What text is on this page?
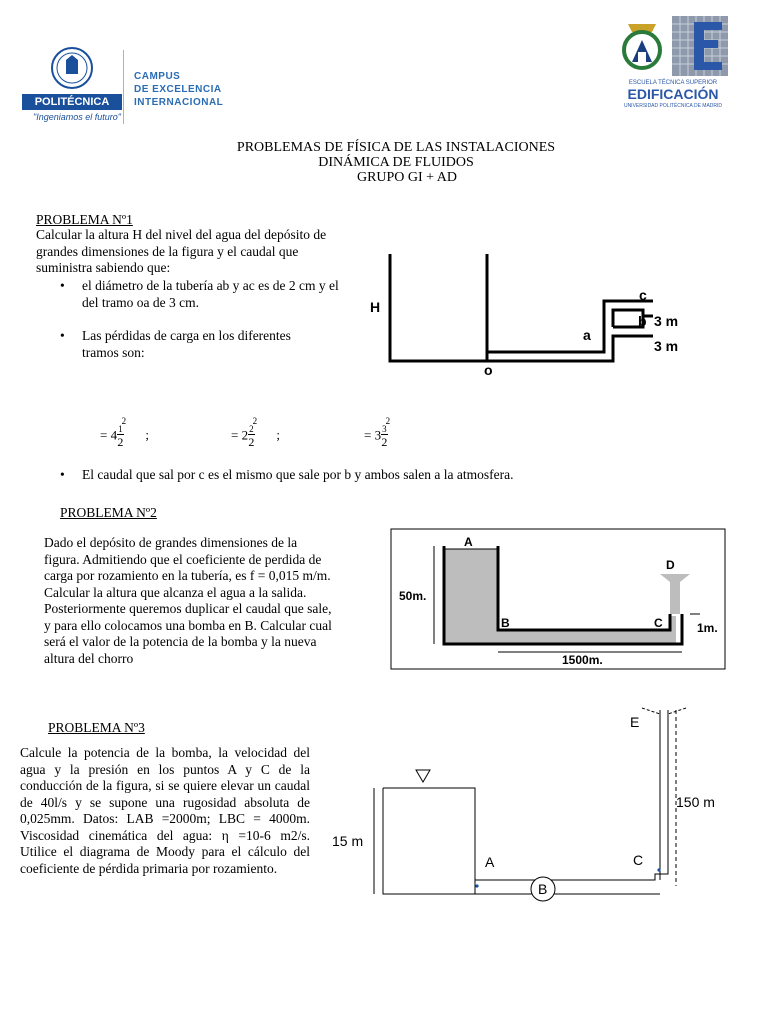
POLITÉCNICA
"Ingeniamos el futuro"
CAMPUS
DE EXCELENCIA
INTERNACIONAL
ESCUELA TÉCNICA SUPERIOR
EDIFICACIÓN
UNIVERSIDAD POLITÉCNICA DE MADRID
PROBLEMAS DE FÍSICA DE LAS INSTALACIONES
DINÁMICA DE FLUIDOS
GRUPO GI + AD
PROBLEMA Nº1
Calcular la altura H del nivel del agua del depósito de grandes dimensiones de la figura y el caudal que suministra sabiendo que:
• el diámetro de la tubería ab y ac es de 2 cm y el del tramo oa de 3 cm.
• Las pérdidas de carga en los diferentes tramos son:
= $4 \frac{1}{2}$
$^2$ ;	= $2 \frac{2}{2}$
$^2$ ;	= $3 \frac{3}{2}$
$^2$
• El caudal que sal por c es el mismo que sale por b y ambos salen a la atmosfera.
H
o
a
b
c
3 m
3 m
PROBLEMA Nº2
Dado el depósito de grandes dimensiones de la figura. Admitiendo que el coeficiente de perdida de carga por rozamiento en la tubería, es f = 0,015 m/m. Calcular la altura que alcanza el agua a la salida. Posteriormente queremos duplicar el caudal que sale, y para ello colocamos una bomba en B. Calcular cual será el valor de la potencia de la bomba y la nueva altura del chorro
A
B	C
D
50m.
1500m.
1m.
PROBLEMA Nº3
Calcule la potencia de la bomba, la velocidad del agua y la presión en los puntos A y C de la conducción de la figura, si se quiere elevar un caudal de 40l/s y se supone una rugosidad absoluta de 0,025mm. Datos: LAB =2000m; LBC = 4000m. Viscosidad cinemática del agua: η =10-6 m2/s. Utilice el diagrama de Moody para el cálculo del coeficiente de pérdida primaria por rozamiento.	A
B
C
E
15 m
150 m
